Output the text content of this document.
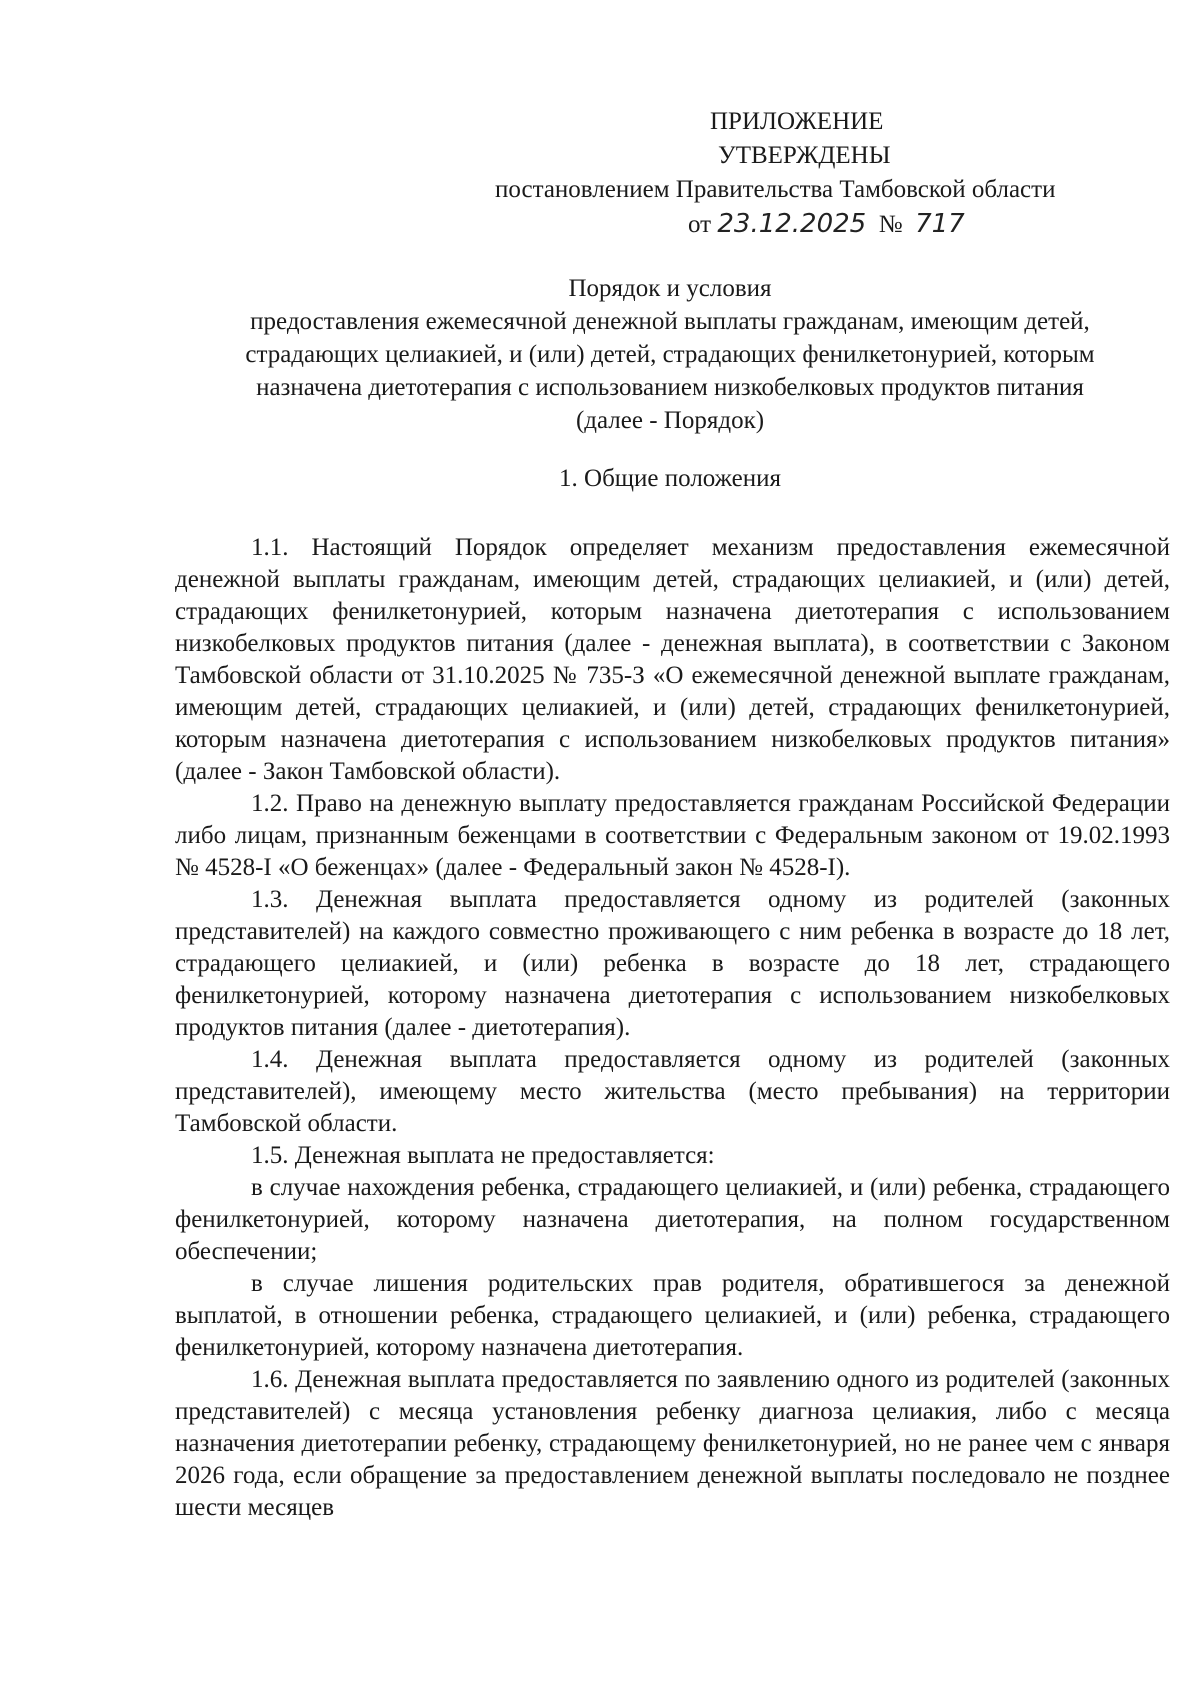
ПРИЛОЖЕНИЕ
УТВЕРЖДЕНЫ
постановлением Правительства Тамбовской области
от 23.12.2025 № 717
Порядок и условия
предоставления ежемесячной денежной выплаты гражданам, имеющим детей,
страдающих целиакией, и (или) детей, страдающих фенилкетонурией, которым
назначена диетотерапия с использованием низкобелковых продуктов питания
(далее - Порядок)
1. Общие положения

1.1. Настоящий Порядок определяет механизм предоставления ежемесячной денежной выплаты гражданам, имеющим детей, страдающих целиакией, и (или) детей, страдающих фенилкетонурией, которым назначена диетотерапия с использованием низкобелковых продуктов питания (далее - денежная выплата), в соответствии с Законом Тамбовской области от 31.10.2025 № 735-З «О ежемесячной денежной выплате гражданам, имеющим детей, страдающих целиакией, и (или) детей, страдающих фенилкетонурией, которым назначена диетотерапия с использованием низкобелковых продуктов питания» (далее - Закон Тамбовской области).

1.2. Право на денежную выплату предоставляется гражданам Российской Федерации либо лицам, признанным беженцами в соответствии с Федеральным законом от 19.02.1993 № 4528-I «О беженцах» (далее - Федеральный закон № 4528-I).

1.3. Денежная выплата предоставляется одному из родителей (законных представителей) на каждого совместно проживающего с ним ребенка в возрасте до 18 лет, страдающего целиакией, и (или) ребенка в возрасте до 18 лет, страдающего фенилкетонурией, которому назначена диетотерапия с использованием низкобелковых продуктов питания (далее - диетотерапия).

1.4. Денежная выплата предоставляется одному из родителей (законных представителей), имеющему место жительства (место пребывания) на территории Тамбовской области.

1.5. Денежная выплата не предоставляется:

в случае нахождения ребенка, страдающего целиакией, и (или) ребенка, страдающего фенилкетонурией, которому назначена диетотерапия, на полном государственном обеспечении;

в случае лишения родительских прав родителя, обратившегося за денежной выплатой, в отношении ребенка, страдающего целиакией, и (или) ребенка, страдающего фенилкетонурией, которому назначена диетотерапия.

1.6. Денежная выплата предоставляется по заявлению одного из родителей (законных представителей) с месяца установления ребенку диагноза целиакия, либо с месяца назначения диетотерапии ребенку, страдающему фенилкетонурией, но не ранее чем с января 2026 года, если обращение за предоставлением денежной выплаты последовало не позднее шести месяцев
